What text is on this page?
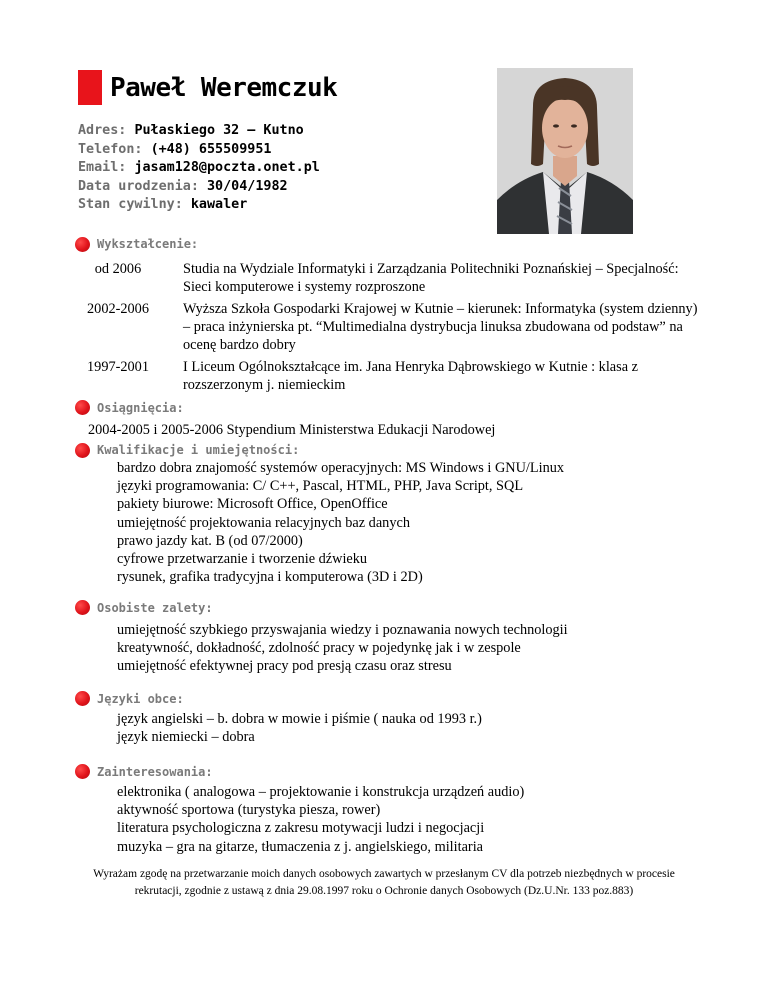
Paweł Weremczuk
Adres: Pułaskiego 32 – Kutno
Telefon: (+48) 655509951
Email: jasam128@poczta.onet.pl
Data urodzenia: 30/04/1982
Stan cywilny: kawaler
Wykształcenie:
od 2006	Studia na Wydziale Informatyki i Zarządzania Politechniki Poznańskiej – Specjalność: Sieci komputerowe i systemy rozproszone
2002-2006	Wyższa Szkoła Gospodarki Krajowej w Kutnie – kierunek: Informatyka (system dzienny) – praca inżynierska pt. “Multimedialna dystrybucja linuksa zbudowana od podstaw” na ocenę bardzo dobry
1997-2001	I Liceum Ogólnokształcące im. Jana Henryka Dąbrowskiego w Kutnie : klasa z rozszerzonym j. niemieckim
Osiągnięcia:
2004-2005 i 2005-2006 Stypendium Ministerstwa Edukacji Narodowej
Kwalifikacje i umiejętności:
bardzo dobra znajomość systemów operacyjnych: MS Windows i GNU/Linux
języki programowania: C/ C++, Pascal, HTML, PHP, Java Script, SQL
pakiety biurowe: Microsoft Office, OpenOffice
umiejętność projektowania relacyjnych baz danych
prawo jazdy kat. B (od 07/2000)
cyfrowe przetwarzanie i tworzenie dźwieku
rysunek, grafika tradycyjna i komputerowa (3D i 2D)
Osobiste zalety:
umiejętność szybkiego przyswajania wiedzy i poznawania nowych technologii
kreatywność, dokładność, zdolność pracy w pojedynkę jak i w zespole
umiejętność efektywnej pracy pod presją czasu oraz stresu
Języki obce:
język angielski – b. dobra w mowie i piśmie ( nauka od 1993 r.)
język niemiecki – dobra
Zainteresowania:
elektronika ( analogowa – projektowanie i konstrukcja urządzeń audio)
aktywność sportowa (turystyka piesza, rower)
literatura psychologiczna z zakresu motywacji ludzi i negocjacji
muzyka – gra na gitarze, tłumaczenia z j. angielskiego, militaria
Wyrażam zgodę na przetwarzanie moich danych osobowych zawartych w przesłanym CV dla potrzeb niezbędnych w procesie rekrutacji, zgodnie z ustawą z dnia 29.08.1997 roku o Ochronie danych Osobowych (Dz.U.Nr. 133 poz.883)
